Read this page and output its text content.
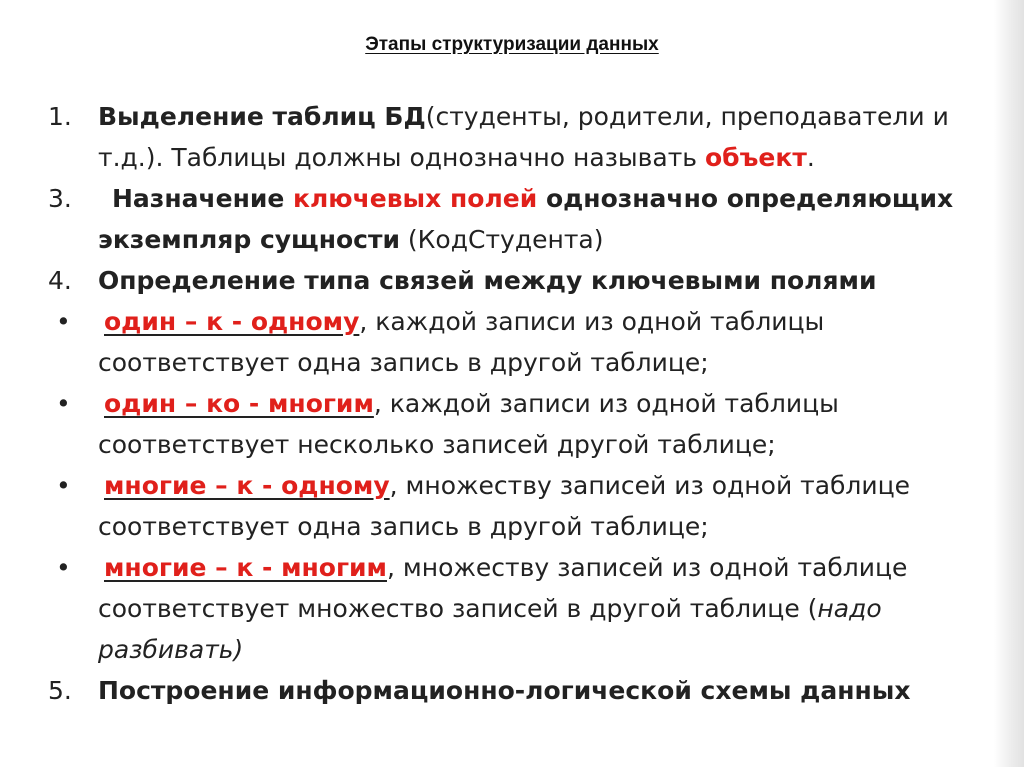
Этапы структуризации данных
1. Выделение таблиц БД(студенты, родители, преподаватели и т.д.). Таблицы должны однозначно называть объект.
3. Назначение ключевых полей однозначно определяющих экземпляр сущности (КодСтудента)
4. Определение типа связей между ключевыми полями
• один – к - одному, каждой записи из одной таблицы соответствует одна запись в другой таблице;
• один – ко - многим, каждой записи из одной таблицы соответствует несколько записей другой таблице;
• многие – к - одному, множеству записей из одной таблице соответствует одна запись в другой таблице;
• многие – к - многим, множеству записей из одной таблице соответствует множество записей в другой таблице (надо разбивать)
5. Построение информационно-логической схемы данных
